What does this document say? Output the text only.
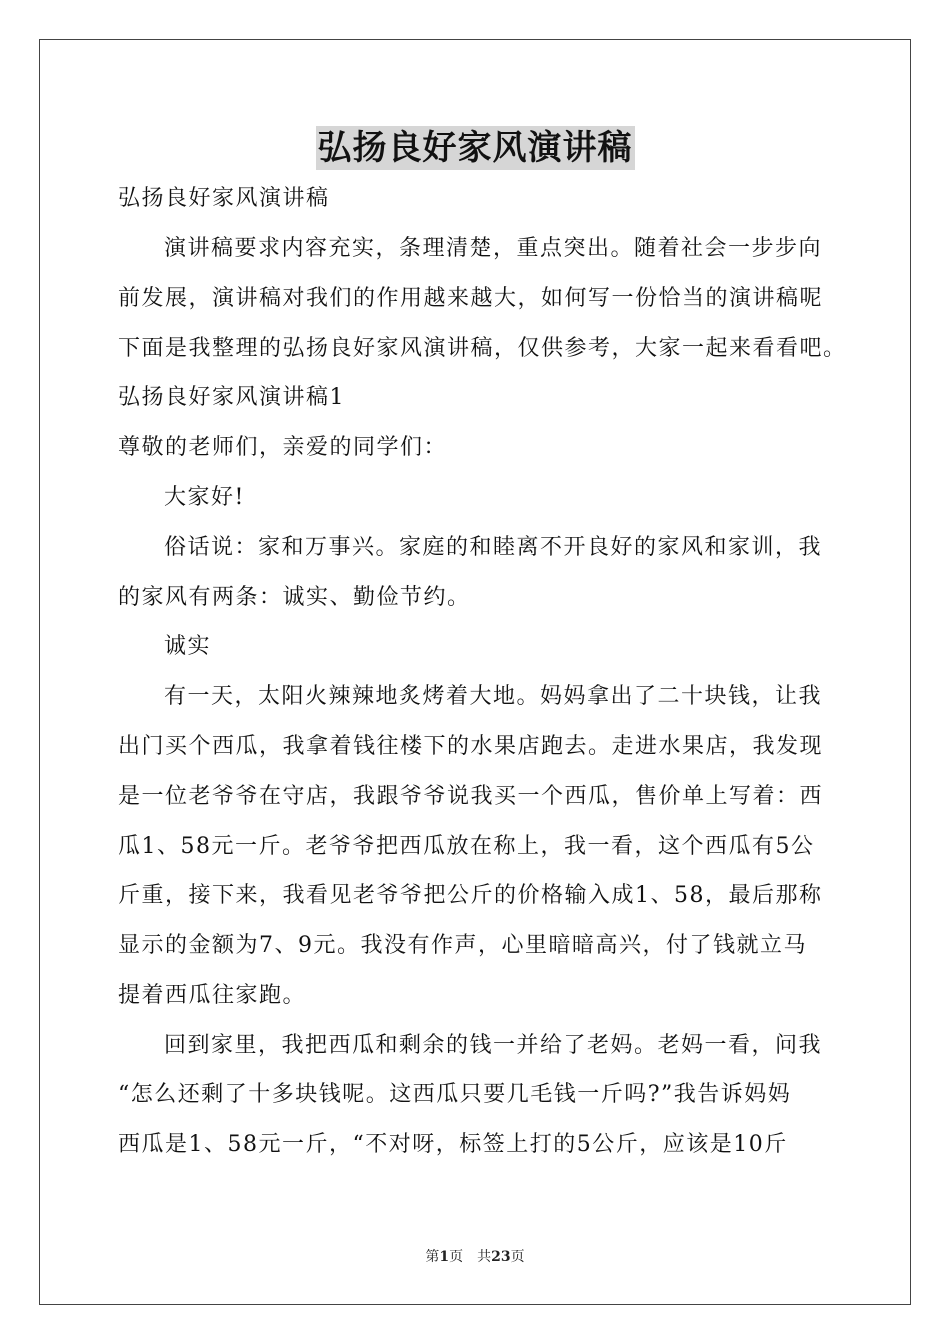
弘扬良好家风演讲稿
弘扬良好家风演讲稿
演讲稿要求内容充实，条理清楚，重点突出。随着社会一步步向
前发展，演讲稿对我们的作用越来越大，如何写一份恰当的演讲稿呢
下面是我整理的弘扬良好家风演讲稿，仅供参考，大家一起来看看吧。
弘扬良好家风演讲稿1
尊敬的老师们，亲爱的同学们：
大家好!
俗话说：家和万事兴。家庭的和睦离不开良好的家风和家训，我
的家风有两条：诚实、勤俭节约。
诚实
有一天，太阳火辣辣地炙烤着大地。妈妈拿出了二十块钱，让我
出门买个西瓜，我拿着钱往楼下的水果店跑去。走进水果店，我发现
是一位老爷爷在守店，我跟爷爷说我买一个西瓜，售价单上写着：西
瓜1、58元一斤。老爷爷把西瓜放在称上，我一看，这个西瓜有5公
斤重，接下来，我看见老爷爷把公斤的价格输入成1、58，最后那称
显示的金额为7、9元。我没有作声，心里暗暗高兴，付了钱就立马
提着西瓜往家跑。
回到家里，我把西瓜和剩余的钱一并给了老妈。老妈一看，问我
“怎么还剩了十多块钱呢。这西瓜只要几毛钱一斤吗?”我告诉妈妈
西瓜是1、58元一斤，“不对呀，标签上打的5公斤，应该是10斤
第1页　共23页
